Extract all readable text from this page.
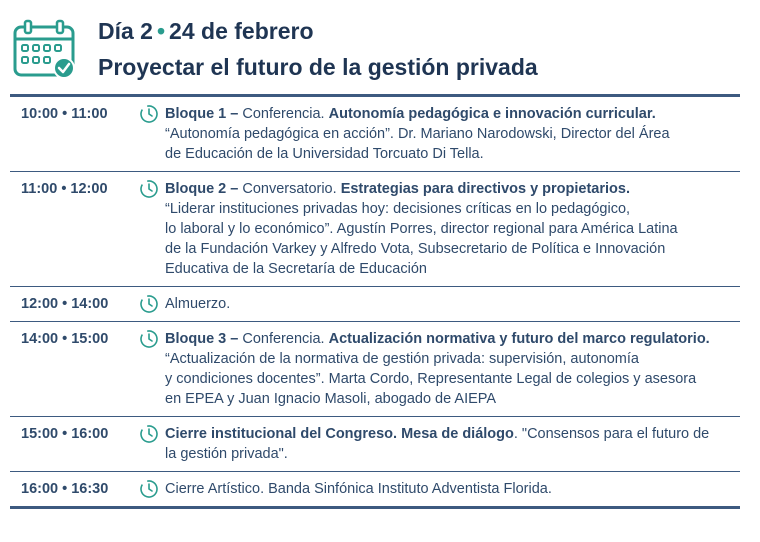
Día 2 • 24 de febrero
Proyectar el futuro de la gestión privada
10:00 • 11:00	Bloque 1 – Conferencia. Autonomía pedagógica e innovación curricular.
“Autonomía pedagógica en acción”. Dr. Mariano Narodowski, Director del Área
de Educación de la Universidad Torcuato Di Tella.
11:00 • 12:00	Bloque 2 – Conversatorio. Estrategias para directivos y propietarios.
“Liderar instituciones privadas hoy: decisiones críticas en lo pedagógico,
lo laboral y lo económico”. Agustín Porres, director regional para América Latina
de la Fundación Varkey y Alfredo Vota, Subsecretario de Política e Innovación
Educativa de la Secretaría de Educación
12:00 • 14:00	Almuerzo.
14:00 • 15:00	Bloque 3 – Conferencia. Actualización normativa y futuro del marco regulatorio.
“Actualización de la normativa de gestión privada: supervisión, autonomía
y condiciones docentes”. Marta Cordo, Representante Legal de colegios y asesora
en EPEA y Juan Ignacio Masoli, abogado de AIEPA
15:00 • 16:00	Cierre institucional del Congreso. Mesa de diálogo. "Consensos para el futuro de
la gestión privada".
16:00 • 16:30	Cierre Artístico. Banda Sinfónica Instituto Adventista Florida.
